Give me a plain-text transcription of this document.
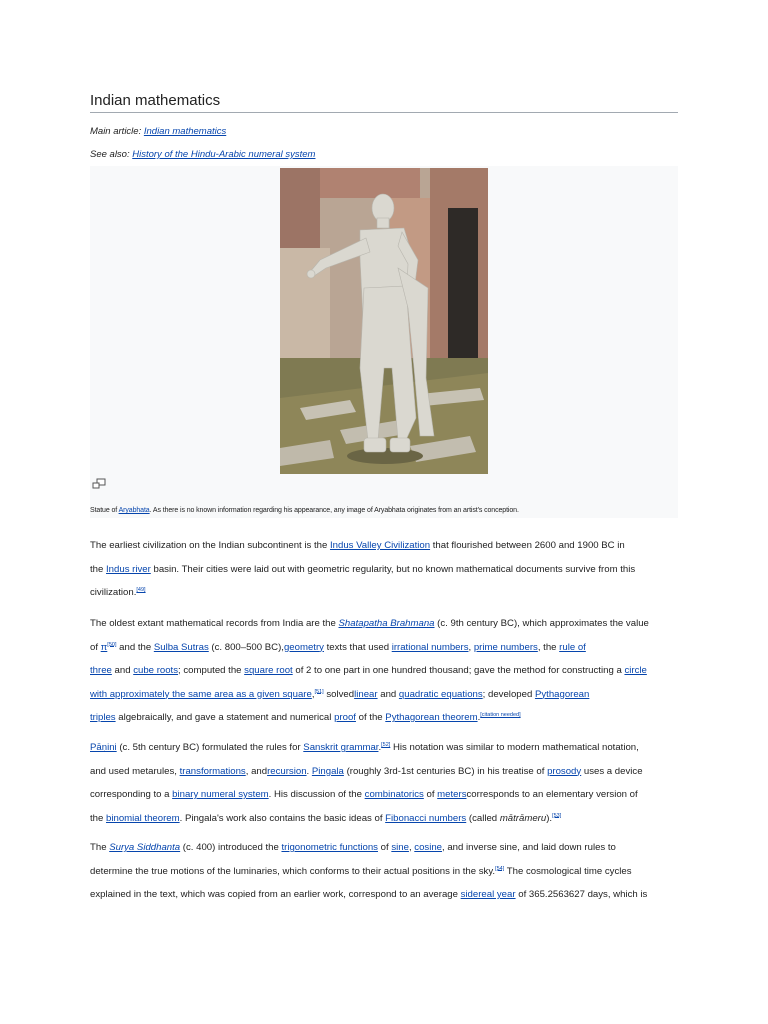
Indian mathematics
Main article: Indian mathematics
See also: History of the Hindu-Arabic numeral system
Statue of Aryabhata. As there is no known information regarding his appearance, any image of Aryabhata originates from an artist's conception.

The earliest civilization on the Indian subcontinent is the Indus Valley Civilization that flourished between 2600 and 1900 BC in

the Indus river basin. Their cities were laid out with geometric regularity, but no known mathematical documents survive from this

civilization.[49]

The oldest extant mathematical records from India are the Shatapatha Brahmana (c. 9th century BC), which approximates the value

of π[50] and the Sulba Sutras (c. 800–500 BC),geometry texts that used irrational numbers, prime numbers, the rule of

three and cube roots; computed the square root of 2 to one part in one hundred thousand; gave the method for constructing a circle

with approximately the same area as a given square,[51] solvedlinear and quadratic equations; developed Pythagorean

triples algebraically, and gave a statement and numerical proof of the Pythagorean theorem.[citation needed]

Pāṇini (c. 5th century BC) formulated the rules for Sanskrit grammar.[52] His notation was similar to modern mathematical notation,

and used metarules, transformations, andrecursion. Pingala (roughly 3rd-1st centuries BC) in his treatise of prosody uses a device

corresponding to a binary numeral system. His discussion of the combinatorics of meterscorresponds to an elementary version of

the binomial theorem. Pingala's work also contains the basic ideas of Fibonacci numbers (called mātrāmeru).[53]

The Surya Siddhanta (c. 400) introduced the trigonometric functions of sine, cosine, and inverse sine, and laid down rules to

determine the true motions of the luminaries, which conforms to their actual positions in the sky.[54] The cosmological time cycles

explained in the text, which was copied from an earlier work, correspond to an average sidereal year of 365.2563627 days, which is
